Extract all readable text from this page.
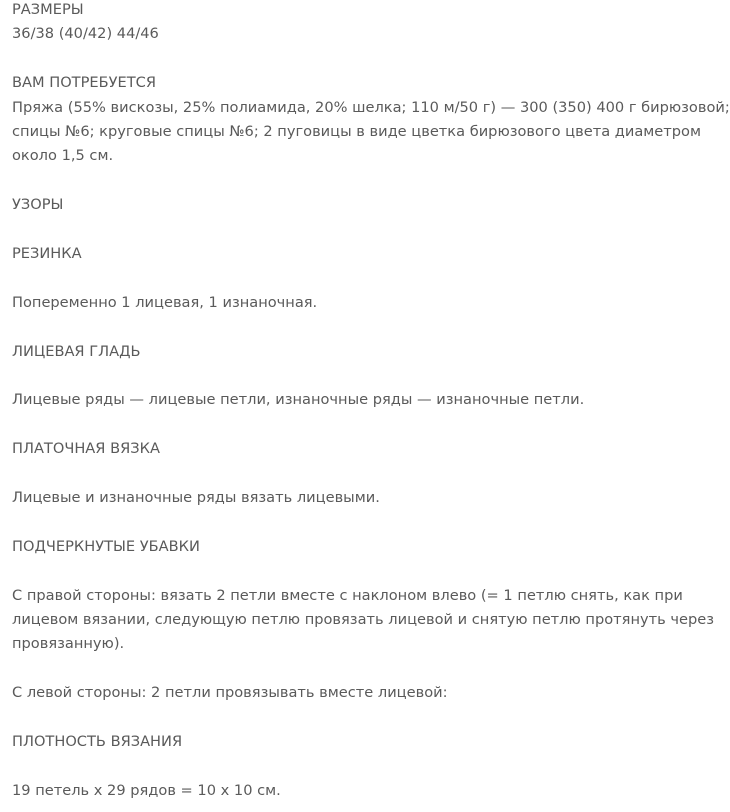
РАЗМЕРЫ
36/38 (40/42) 44/46
ВАМ ПОТРЕБУЕТСЯ
Пряжа (55% вискозы, 25% полиамида, 20% шелка; 110 м/50 г) — 300 (350) 400 г бирюзовой;
спицы №6; круговые спицы №6; 2 пуговицы в виде цветка бирюзового цвета диаметром
около 1,5 см.
УЗОРЫ
РЕЗИНКА
Попеременно 1 лицевая, 1 изнаночная.
ЛИЦЕВАЯ ГЛАДЬ
Лицевые ряды — лицевые петли, изнаночные ряды — изнаночные петли.
ПЛАТОЧНАЯ ВЯЗКА
Лицевые и изнаночные ряды вязать лицевыми.
ПОДЧЕРКНУТЫЕ УБАВКИ
С правой стороны: вязать 2 петли вместе с наклоном влево (= 1 петлю снять, как при
лицевом вязании, следующую петлю провязать лицевой и снятую петлю протянуть через
провязанную).
С левой стороны: 2 петли провязывать вместе лицевой:
ПЛОТНОСТЬ ВЯЗАНИЯ
19 петель x 29 рядов = 10 x 10 см.
